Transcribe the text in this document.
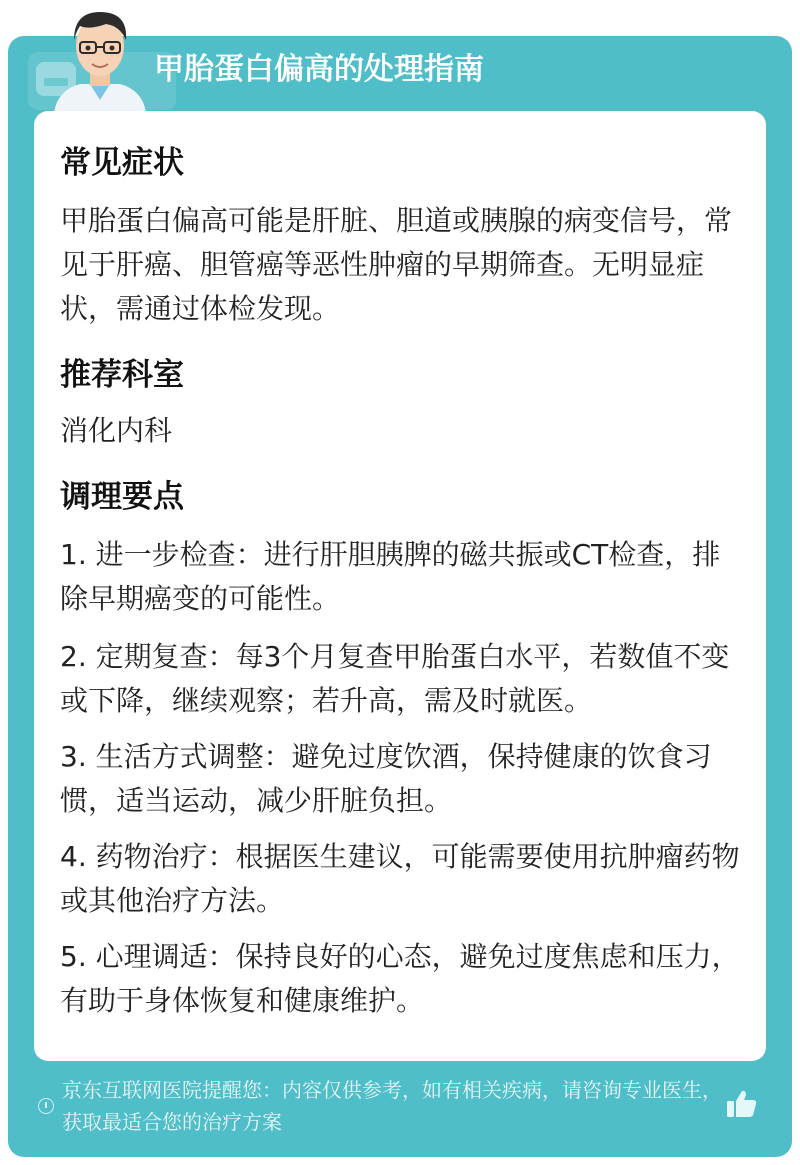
甲胎蛋白偏高的处理指南
常见症状

甲胎蛋白偏高可能是肝脏、胆道或胰腺的病变信号，常见于肝癌、胆管癌等恶性肿瘤的早期筛查。无明显症状，需通过体检发现。

推荐科室

消化内科

调理要点

1. 进一步检查：进行肝胆胰脾的磁共振或CT检查，排除早期癌变的可能性。

2. 定期复查：每3个月复查甲胎蛋白水平，若数值不变或下降，继续观察；若升高，需及时就医。

3. 生活方式调整：避免过度饮酒，保持健康的饮食习惯，适当运动，减少肝脏负担。

4. 药物治疗：根据医生建议，可能需要使用抗肿瘤药物或其他治疗方法。

5. 心理调适：保持良好的心态，避免过度焦虑和压力，有助于身体恢复和健康维护。

京东互联网医院提醒您：内容仅供参考，如有相关疾病，请咨询专业医生，获取最适合您的治疗方案
